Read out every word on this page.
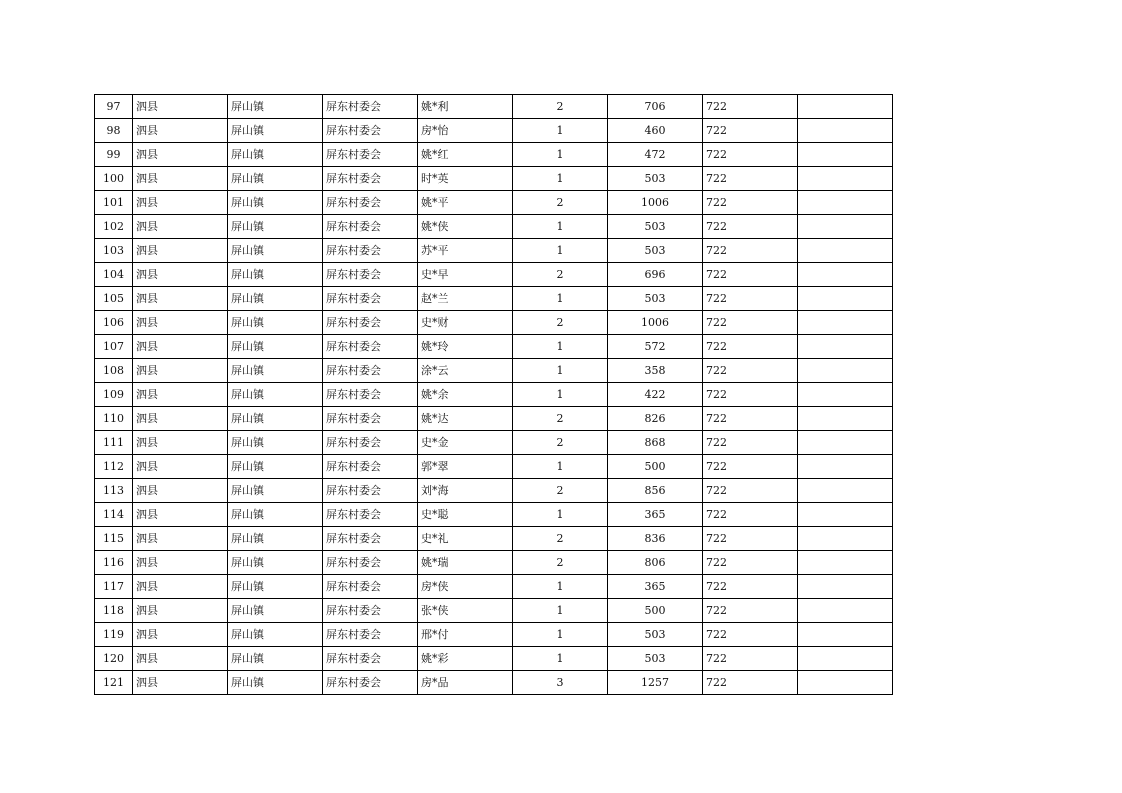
97	泗县	屏山镇	屏东村委会	姚*利	2	706	722	
98	泗县	屏山镇	屏东村委会	房*怡	1	460	722	
99	泗县	屏山镇	屏东村委会	姚*红	1	472	722	
100	泗县	屏山镇	屏东村委会	时*英	1	503	722	
101	泗县	屏山镇	屏东村委会	姚*平	2	1006	722	
102	泗县	屏山镇	屏东村委会	姚*侠	1	503	722	
103	泗县	屏山镇	屏东村委会	苏*平	1	503	722	
104	泗县	屏山镇	屏东村委会	史*早	2	696	722	
105	泗县	屏山镇	屏东村委会	赵*兰	1	503	722	
106	泗县	屏山镇	屏东村委会	史*财	2	1006	722	
107	泗县	屏山镇	屏东村委会	姚*玲	1	572	722	
108	泗县	屏山镇	屏东村委会	涂*云	1	358	722	
109	泗县	屏山镇	屏东村委会	姚*余	1	422	722	
110	泗县	屏山镇	屏东村委会	姚*达	2	826	722	
111	泗县	屏山镇	屏东村委会	史*金	2	868	722	
112	泗县	屏山镇	屏东村委会	郭*翠	1	500	722	
113	泗县	屏山镇	屏东村委会	刘*海	2	856	722	
114	泗县	屏山镇	屏东村委会	史*聪	1	365	722	
115	泗县	屏山镇	屏东村委会	史*礼	2	836	722	
116	泗县	屏山镇	屏东村委会	姚*瑞	2	806	722	
117	泗县	屏山镇	屏东村委会	房*侠	1	365	722	
118	泗县	屏山镇	屏东村委会	张*侠	1	500	722	
119	泗县	屏山镇	屏东村委会	邢*付	1	503	722	
120	泗县	屏山镇	屏东村委会	姚*彩	1	503	722	
121	泗县	屏山镇	屏东村委会	房*品	3	1257	722	
